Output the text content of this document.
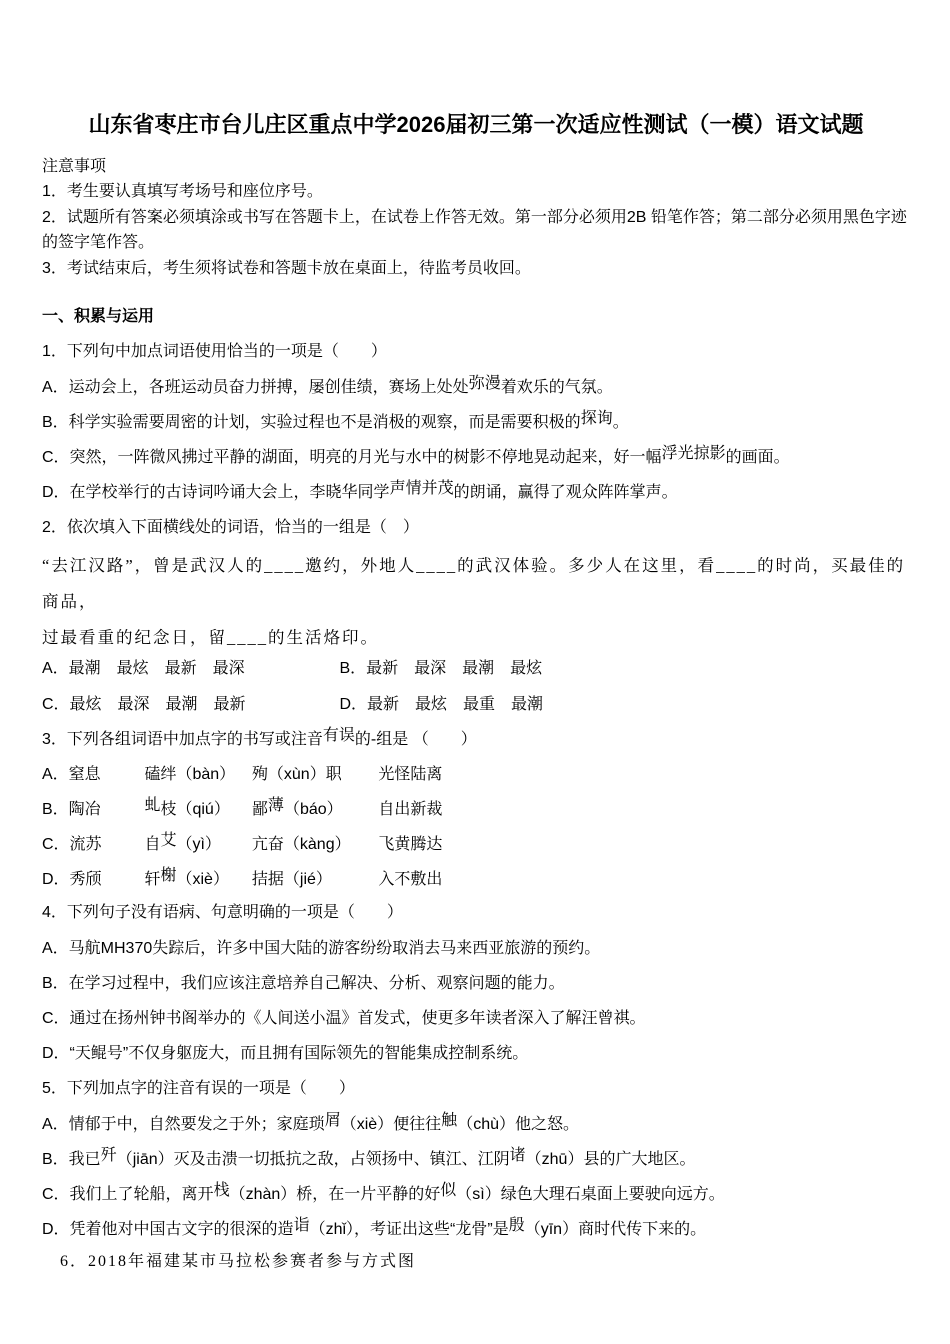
山东省枣庄市台儿庄区重点中学2026届初三第一次适应性测试（一模）语文试题
注意事项
1．考生要认真填写考场号和座位序号。
2．试题所有答案必须填涂或书写在答题卡上，在试卷上作答无效。第一部分必须用2B 铅笔作答；第二部分必须用黑色字迹的签字笔作答。
3．考试结束后，考生须将试卷和答题卡放在桌面上，待监考员收回。
一、积累与运用
1．下列句中加点词语使用恰当的一项是（　　）
A．运动会上，各班运动员奋力拼搏，屡创佳绩，赛场上处处弥漫着欢乐的气氛。
B．科学实验需要周密的计划，实验过程也不是消极的观察，而是需要积极的探询。
C．突然，一阵微风拂过平静的湖面，明亮的月光与水中的树影不停地晃动起来，好一幅浮光掠影的画面。
D．在学校举行的古诗词吟诵大会上，李晓华同学声情并茂的朗诵，赢得了观众阵阵掌声。
2．依次填入下面横线处的词语，恰当的一组是（　）
“去江汉路”，曾是武汉人的____邀约，外地人____的武汉体验。多少人在这里，看____的时尚，买最佳的商品，
过最看重的纪念日，留____的生活烙印。
A．最潮　最炫　最新　最深	B．最新　最深　最潮　最炫
C．最炫　最深　最潮　最新	D．最新　最炫　最重　最潮
3．下列各组词语中加点字的书写或注音有误的-组是 （　　）
A．窒息	磕绊（bàn） 殉（xùn）职 光怪陆离
B．陶冶	虬枝（qiú） 鄙薄（báo） 自出新裁
C．流苏	自艾（yì） 亢奋（kàng） 飞黄腾达
D．秀颀	轩榭（xiè） 拮据（jié）	入不敷出
4．下列句子没有语病、句意明确的一项是（　　）
A．马航MH370失踪后，许多中国大陆的游客纷纷取消去马来西亚旅游的预约。
B．在学习过程中，我们应该注意培养自己解决、分析、观察问题的能力。
C．通过在扬州钟书阁举办的《人间送小温》首发式，使更多年读者深入了解汪曾祺。
D．“天鲲号”不仅身躯庞大，而且拥有国际领先的智能集成控制系统。
5．下列加点字的注音有误的一项是（　　）
A．情郁于中，自然要发之于外；家庭琐屑（xiè）便往往触（chù）他之怒。
B．我已歼（jiān）灭及击溃一切抵抗之敌，占领扬中、镇江、江阴诸（zhū）县的广大地区。
C．我们上了轮船，离开栈（zhàn）桥，在一片平静的好似（sì）绿色大理石桌面上要驶向远方。
D．凭着他对中国古文字的很深的造诣（zhǐ），考证出这些“龙骨”是殷（yīn）商时代传下来的。
6．2018年福建某市马拉松参赛者参与方式图
